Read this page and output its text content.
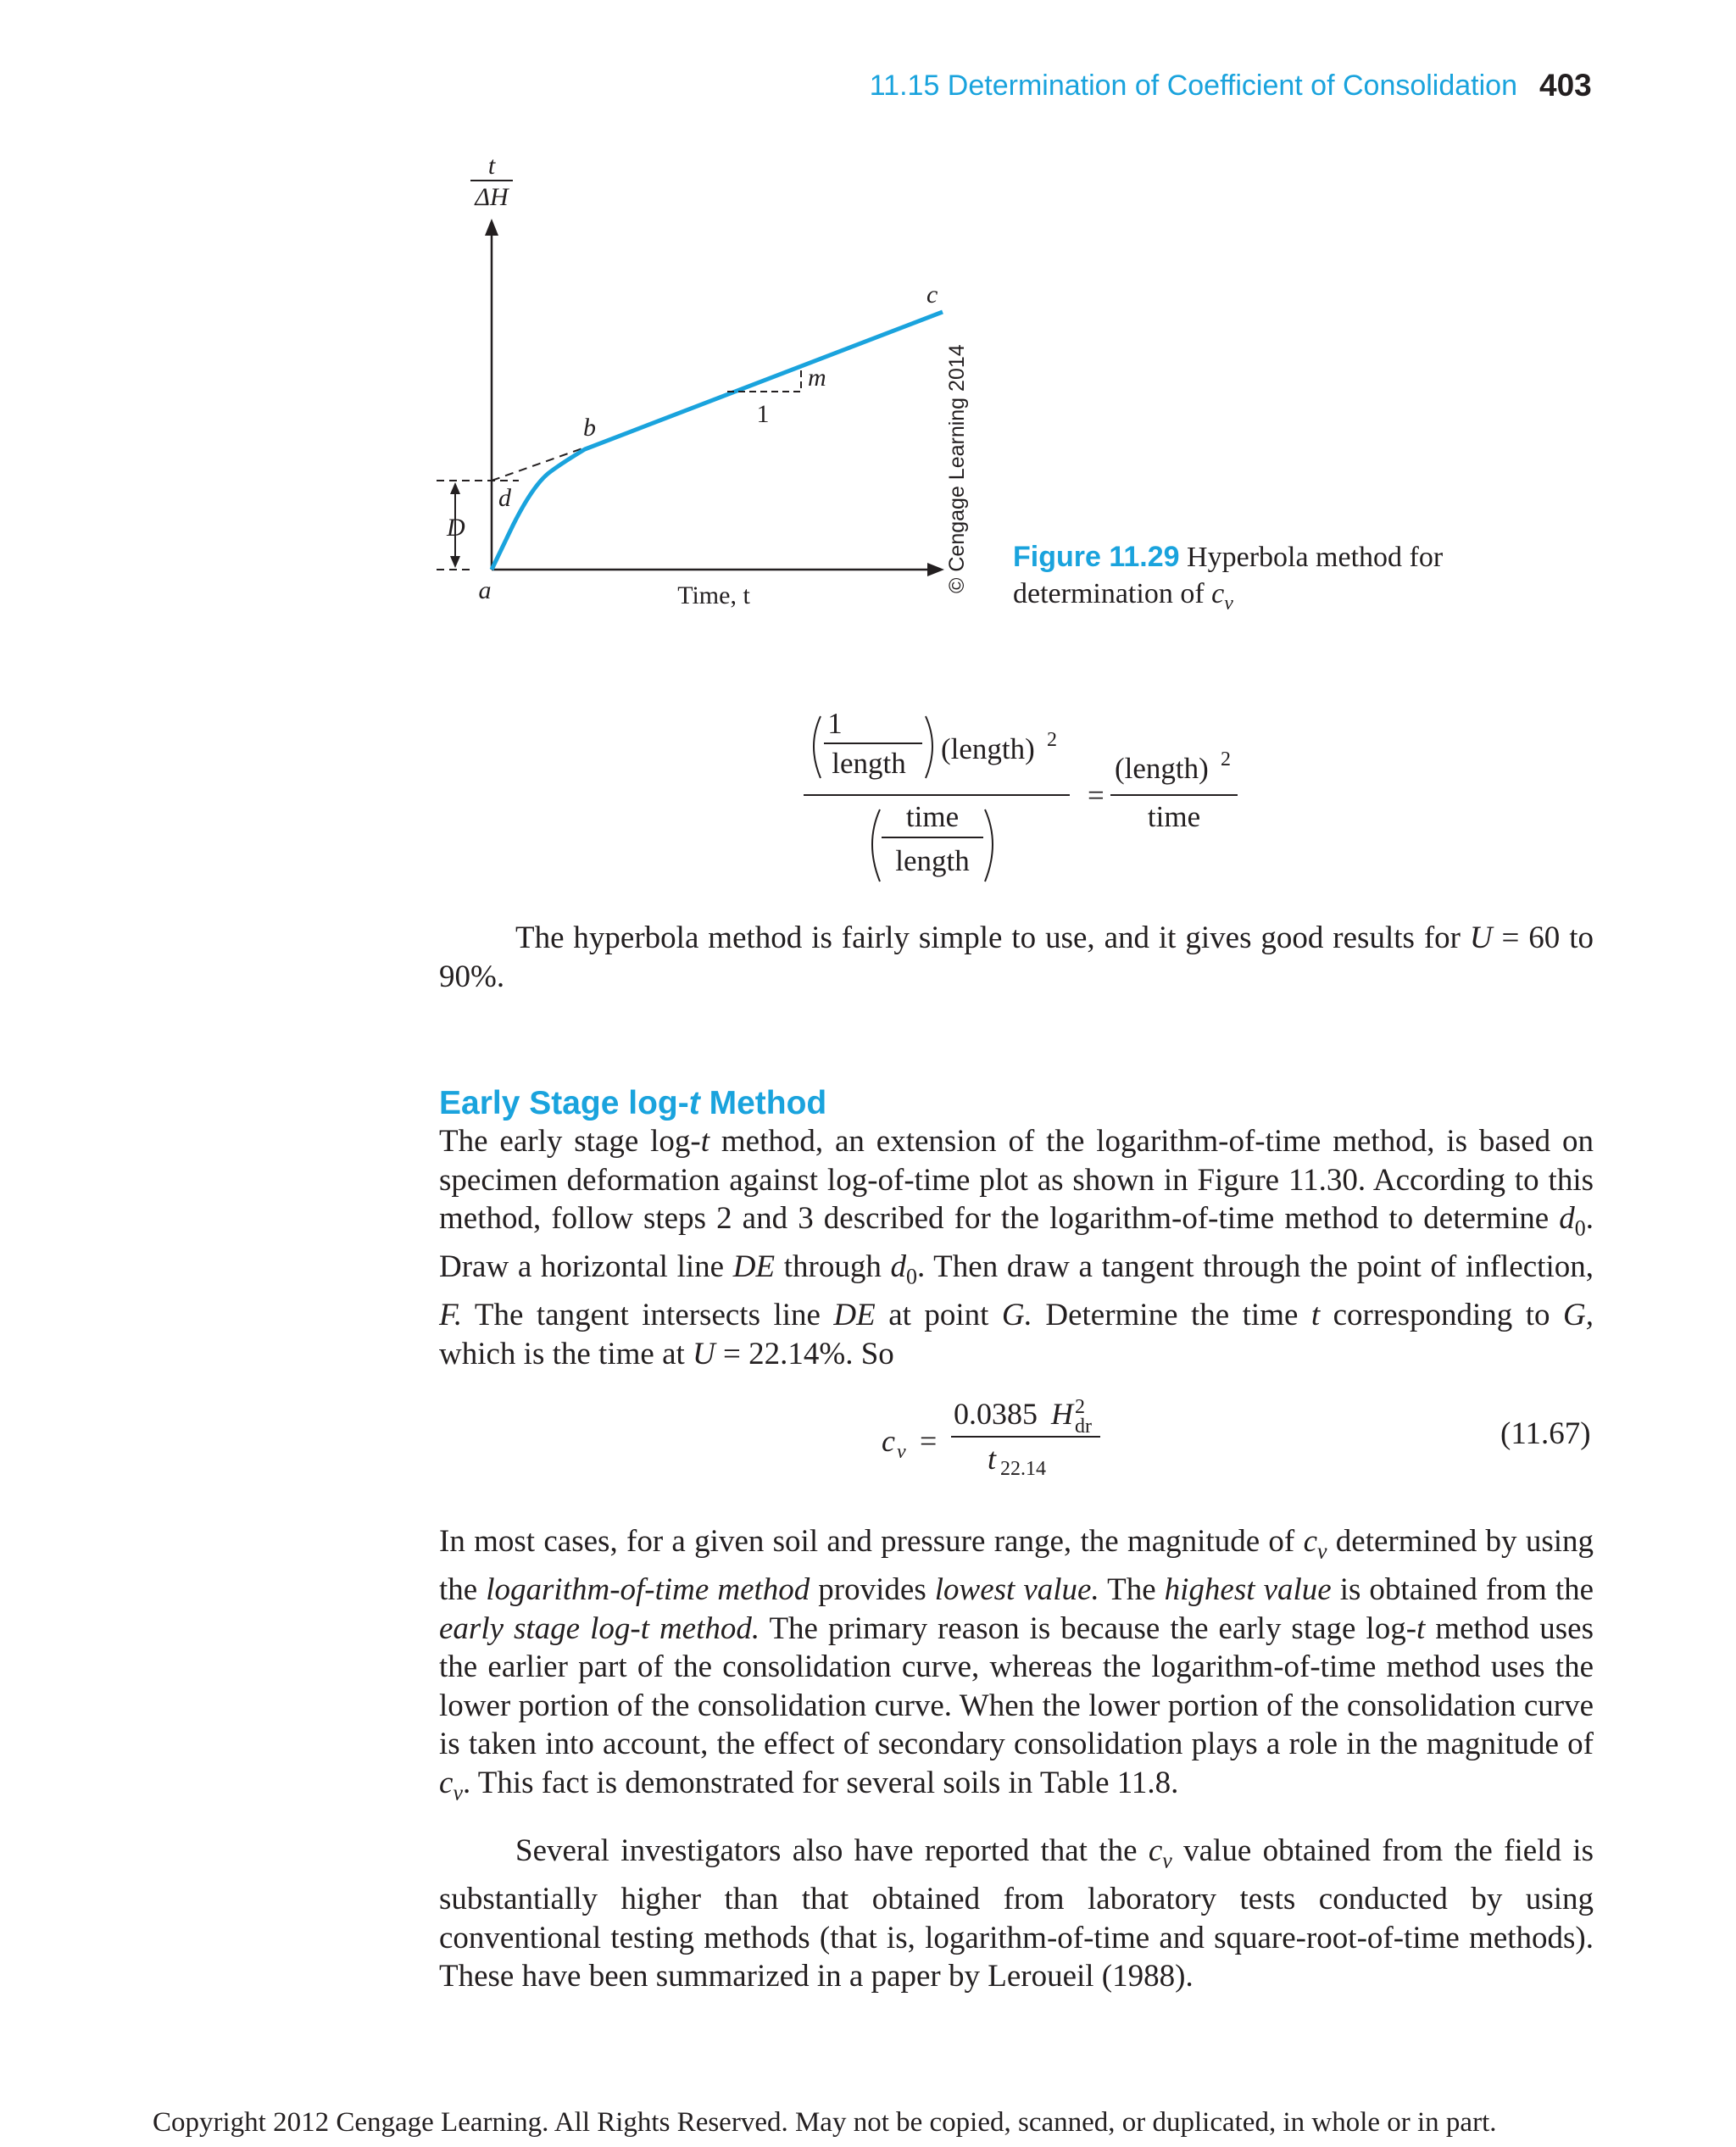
11.15 Determination of Coefficient of Consolidation 403
t
ΔH
a
b
c
d
m
D
1
Time, t
© Cengage Learning 2014 Figure 11.29 Hyperbola method for
determination of $c_v$
1
length (length) 2
time
length
=
(length) 2
time
The hyperbola method is fairly simple to use, and it gives good results for U = 60 to 90%.
Early Stage log-t Method
The early stage log-t method, an extension of the logarithm-of-time method, is based on specimen deformation against log-of-time plot as shown in Figure 11.30. According to this method, follow steps 2 and 3 described for the logarithm-of-time method to determine $d_0$. Draw a horizontal line DE through $d_0$. Then draw a tangent through the point of inflection, F. The tangent intersects line DE at point G. Determine the time t corresponding to G, which is the time at U = 22.14%. So
c v =
0.0385 H 2
dr
t 22.14
(11.67)
In most cases, for a given soil and pressure range, the magnitude of $c_v$ determined by using the logarithm-of-time method provides lowest value. The highest value is obtained from the early stage log-t method. The primary reason is because the early stage log-t method uses the earlier part of the consolidation curve, whereas the logarithm-of-time method uses the lower portion of the consolidation curve. When the lower portion of the consolidation curve is taken into account, the effect of secondary consolidation plays a role in the magnitude of $c_v$. This fact is demonstrated for several soils in Table 11.8.
Several investigators also have reported that the $c_v$ value obtained from the field is substantially higher than that obtained from laboratory tests conducted by using conventional testing methods (that is, logarithm-of-time and square-root-of-time methods). These have been summarized in a paper by Leroueil (1988).
Copyright 2012 Cengage Learning. All Rights Reserved. May not be copied, scanned, or duplicated, in whole or in part.
